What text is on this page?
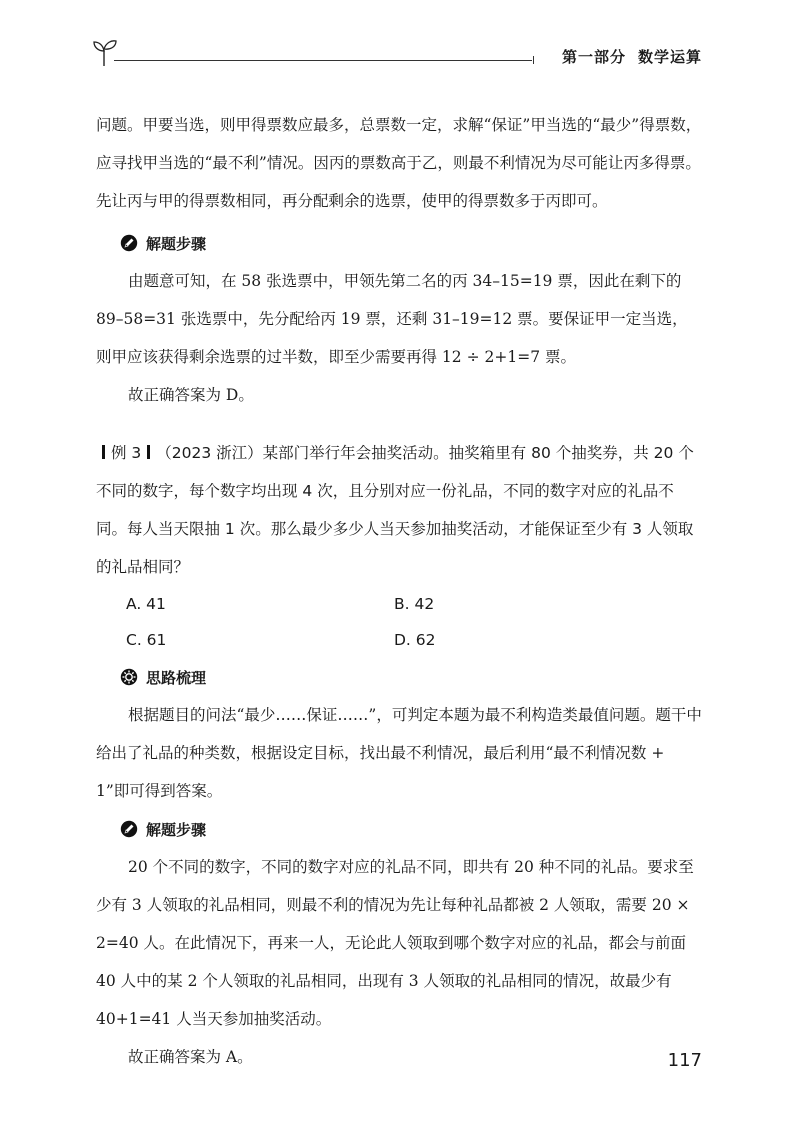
第一部分 数学运算

问题。甲要当选，则甲得票数应最多，总票数一定，求解“保证”甲当选的“最少”得票数，应寻找甲当选的“最不利”情况。因丙的票数高于乙，则最不利情况为尽可能让丙多得票。先让丙与甲的得票数相同，再分配剩余的选票，使甲的得票数多于丙即可。

解题步骤

由题意可知，在 58 张选票中，甲领先第二名的丙 34–15=19 票，因此在剩下的 89–58=31 张选票中，先分配给丙 19 票，还剩 31–19=12 票。要保证甲一定当选，则甲应该获得剩余选票的过半数，即至少需要再得 12 ÷ 2+1=7 票。

故正确答案为 D。

例 3 （2023 浙江）某部门举行年会抽奖活动。抽奖箱里有 80 个抽奖券，共 20 个不同的数字，每个数字均出现 4 次，且分别对应一份礼品，不同的数字对应的礼品不同。每人当天限抽 1 次。那么最少多少人当天参加抽奖活动，才能保证至少有 3 人领取的礼品相同？

A. 41	B. 42
C. 61	D. 62
思路梳理

根据题目的问法“最少……保证……”，可判定本题为最不利构造类最值问题。题干中给出了礼品的种类数，根据设定目标，找出最不利情况，最后利用“最不利情况数 + 1”即可得到答案。

解题步骤

20 个不同的数字，不同的数字对应的礼品不同，即共有 20 种不同的礼品。要求至少有 3 人领取的礼品相同，则最不利的情况为先让每种礼品都被 2 人领取，需要 20 × 2=40 人。在此情况下，再来一人，无论此人领取到哪个数字对应的礼品，都会与前面 40 人中的某 2 个人领取的礼品相同，出现有 3 人领取的礼品相同的情况，故最少有 40+1=41 人当天参加抽奖活动。

故正确答案为 A。	117
